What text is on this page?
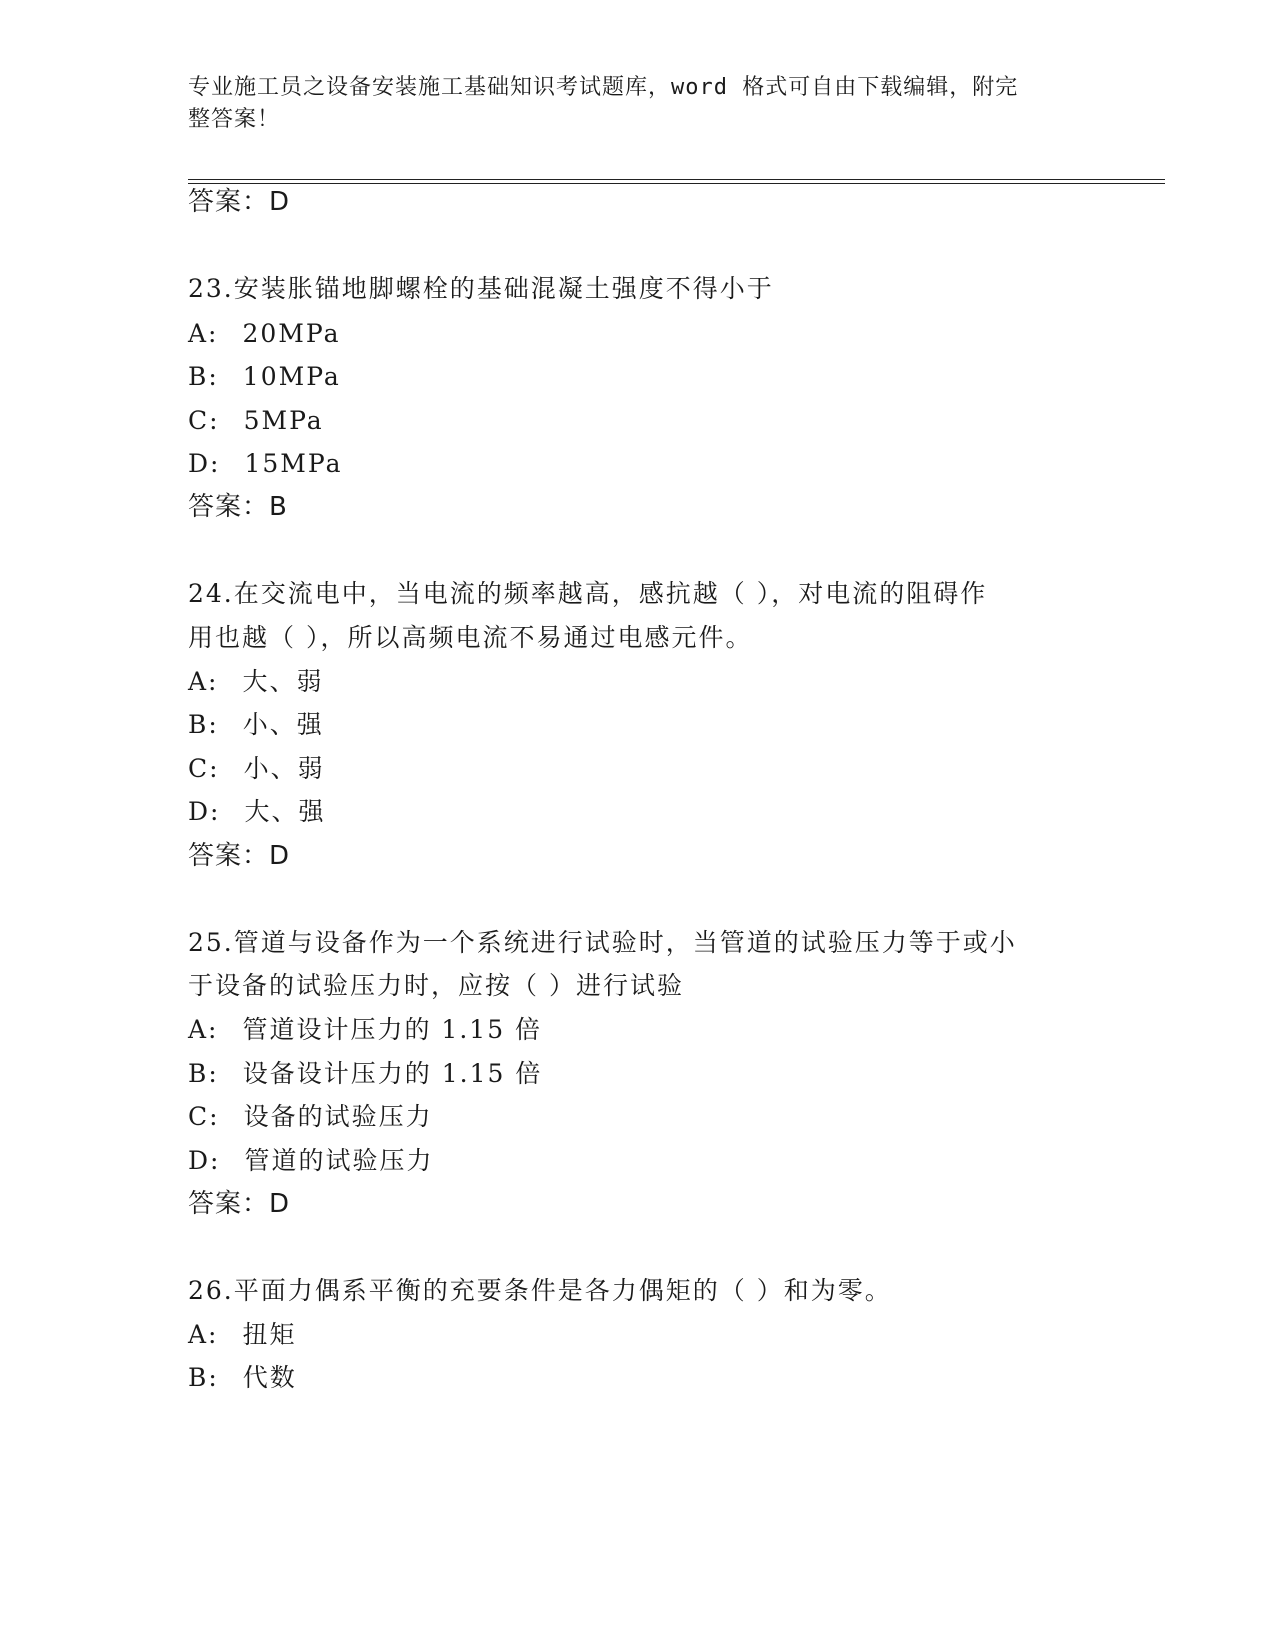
专业施工员之设备安装施工基础知识考试题库，word 格式可自由下载编辑，附完
整答案！
答案：D
23.安装胀锚地脚螺栓的基础混凝土强度不得小于
A: 20MPa
B: 10MPa
C: 5MPa
D: 15MPa
答案：B
24.在交流电中，当电流的频率越高，感抗越（ ），对电流的阻碍作
用也越（ ），所以高频电流不易通过电感元件。
A: 大、弱
B: 小、强
C: 小、弱
D: 大、强
答案：D
25.管道与设备作为一个系统进行试验时，当管道的试验压力等于或小
于设备的试验压力时，应按（ ）进行试验
A: 管道设计压力的 1.15 倍
B: 设备设计压力的 1.15 倍
C: 设备的试验压力
D: 管道的试验压力
答案：D
26.平面力偶系平衡的充要条件是各力偶矩的（ ）和为零。
A: 扭矩
B: 代数
